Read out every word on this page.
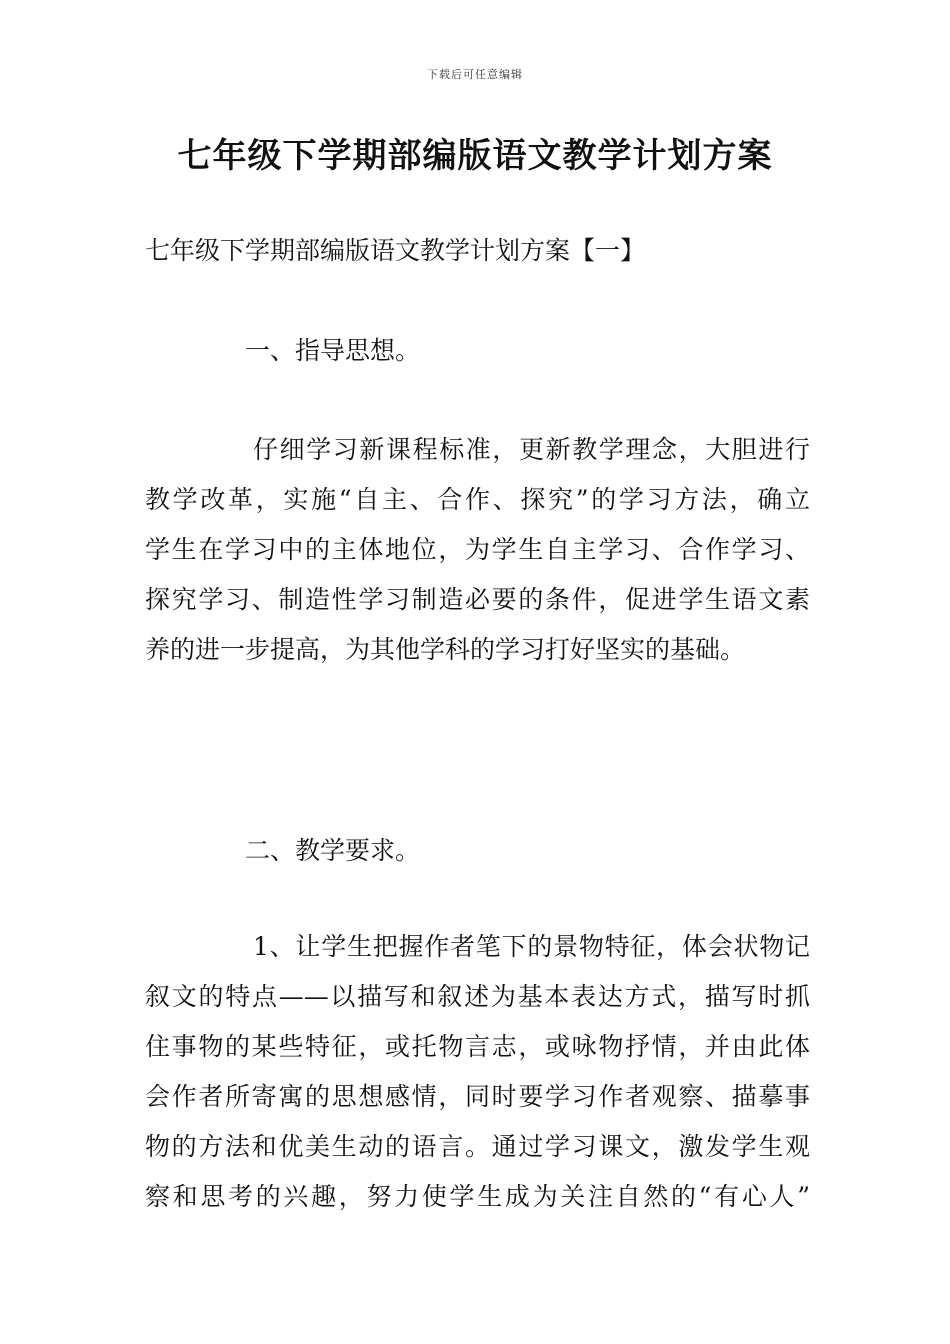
下载后可任意编辑
七年级下学期部编版语文教学计划方案
七年级下学期部编版语文教学计划方案【一】
一、指导思想。
仔细学习新课程标准，更新教学理念，大胆进行
教学改革，实施“自主、合作、探究”的学习方法，确立
学生在学习中的主体地位，为学生自主学习、合作学习、
探究学习、制造性学习制造必要的条件，促进学生语文素
养的进一步提高，为其他学科的学习打好坚实的基础。
二、教学要求。
1、让学生把握作者笔下的景物特征，体会状物记
叙文的特点——以描写和叙述为基本表达方式，描写时抓
住事物的某些特征，或托物言志，或咏物抒情，并由此体
会作者所寄寓的思想感情，同时要学习作者观察、描摹事
物的方法和优美生动的语言。通过学习课文，激发学生观
察和思考的兴趣，努力使学生成为关注自然的“有心人”
